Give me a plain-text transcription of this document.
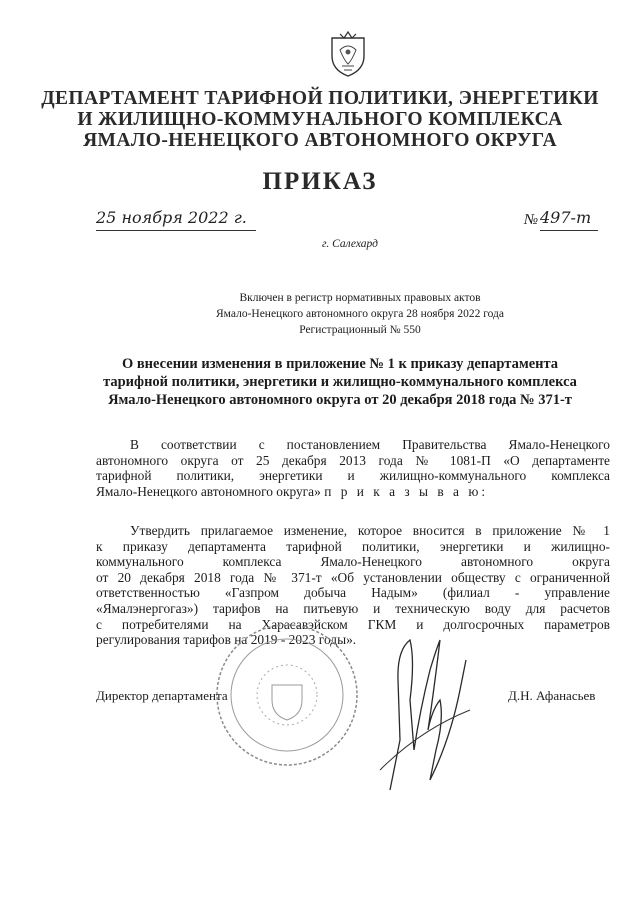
ДЕПАРТАМЕНТ ТАРИФНОЙ ПОЛИТИКИ, ЭНЕРГЕТИКИ
И ЖИЛИЩНО-КОММУНАЛЬНОГО КОМПЛЕКСА
ЯМАЛО-НЕНЕЦКОГО АВТОНОМНОГО ОКРУГА
ПРИКАЗ
25 ноября 2022 г.	№ 497-т
г. Салехард
Включен в регистр нормативных правовых актов
Ямало-Ненецкого автономного округа 28 ноября 2022 года
Регистрационный № 550
О внесении изменения в приложение № 1 к приказу департамента
тарифной политики, энергетики и жилищно-коммунального комплекса
Ямало-Ненецкого автономного округа от 20 декабря 2018 года № 371-т
В соответствии с постановлением Правительства Ямало-Ненецкого
автономного округа от 25 декабря 2013 года № 1081-П «О департаменте
тарифной политики, энергетики и жилищно-коммунального комплекса
Ямало-Ненецкого автономного округа» п р и к а з ы в а ю:
Утвердить прилагаемое изменение, которое вносится в приложение № 1
к приказу департамента тарифной политики, энергетики и жилищно-
коммунального комплекса Ямало-Ненецкого автономного округа
от 20 декабря 2018 года № 371-т «Об установлении обществу с ограниченной
ответственностью «Газпром добыча Надым» (филиал - управление
«Ямалэнергогаз») тарифов на питьевую и техническую воду для расчетов
с потребителями на Харасавэйском ГКМ и долгосрочных параметров
регулирования тарифов на 2019 - 2023 годы».
Директор департамента	Д.Н. Афанасьев
